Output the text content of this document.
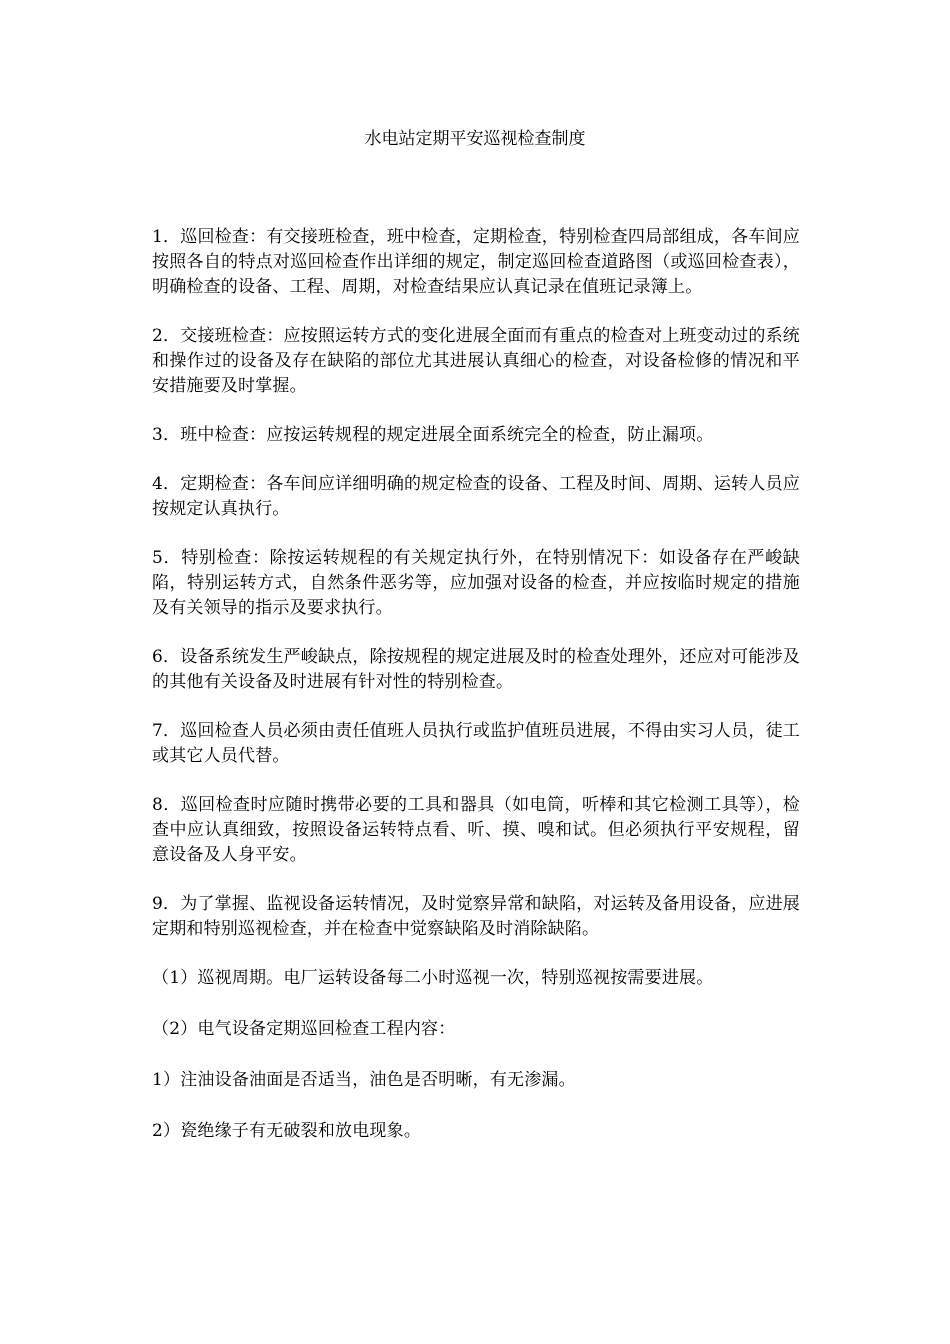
水电站定期平安巡视检查制度

1．巡回检查：有交接班检查，班中检查，定期检查，特别检查四局部组成，各车间应按照各自的特点对巡回检查作出详细的规定，制定巡回检查道路图（或巡回检查表），明确检查的设备、工程、周期，对检查结果应认真记录在值班记录簿上。

2．交接班检查：应按照运转方式的变化进展全面而有重点的检查对上班变动过的系统和操作过的设备及存在缺陷的部位尤其进展认真细心的检查，对设备检修的情况和平安措施要及时掌握。

3．班中检查：应按运转规程的规定进展全面系统完全的检查，防止漏项。

4．定期检查：各车间应详细明确的规定检查的设备、工程及时间、周期、运转人员应按规定认真执行。

5．特别检查：除按运转规程的有关规定执行外，在特别情况下：如设备存在严峻缺陷，特别运转方式，自然条件恶劣等，应加强对设备的检查，并应按临时规定的措施及有关领导的指示及要求执行。

6．设备系统发生严峻缺点，除按规程的规定进展及时的检查处理外，还应对可能涉及的其他有关设备及时进展有针对性的特别检查。

7．巡回检查人员必须由责任值班人员执行或监护值班员进展，不得由实习人员，徒工或其它人员代替。

8．巡回检查时应随时携带必要的工具和器具（如电筒，听棒和其它检测工具等），检查中应认真细致，按照设备运转特点看、听、摸、嗅和试。但必须执行平安规程，留意设备及人身平安。

9．为了掌握、监视设备运转情况，及时觉察异常和缺陷，对运转及备用设备，应进展定期和特别巡视检查，并在检查中觉察缺陷及时消除缺陷。

（1）巡视周期。电厂运转设备每二小时巡视一次，特别巡视按需要进展。

（2）电气设备定期巡回检查工程内容：

1）注油设备油面是否适当，油色是否明晰，有无渗漏。

2）瓷绝缘子有无破裂和放电现象。
